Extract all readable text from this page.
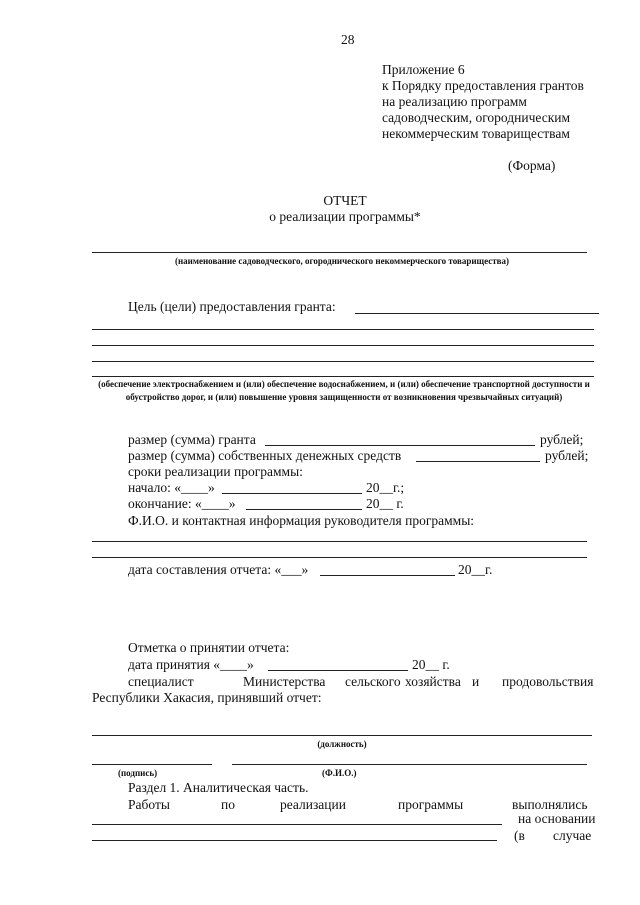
28
Приложение 6
к Порядку предоставления грантов
на реализацию программ
садоводческим, огородническим
некоммерческим товариществам
(Форма)
ОТЧЕТ
о реализации программы*
(наименование садоводческого, огороднического некоммерческого товарищества)
Цель (цели) предоставления гранта:
(обеспечение электроснабжением и (или) обеспечение водоснабжением, и (или) обеспечение транспортной доступности и обустройство дорог, и (или) повышение уровня защищенности от возникновения чрезвычайных ситуаций)
размер (сумма) гранта	рублей;
размер (сумма) собственных денежных средств	рублей;
сроки реализации программы:
начало: «____»	20__г.;
окончание: «____»	20__ г.
Ф.И.О. и контактная информация руководителя программы:
дата составления отчета: «___»	20__г.
Отметка о принятии отчета:
дата принятия «____»	20__ г.
специалист	Министерства сельского хозяйства и продовольствия
Республики Хакасия, принявший отчет:
(должность)
(подпись)	(Ф.И.О.)
Раздел 1. Аналитическая часть.
Работы	по	реализации	программы	выполнялись
на основании
(в случае
